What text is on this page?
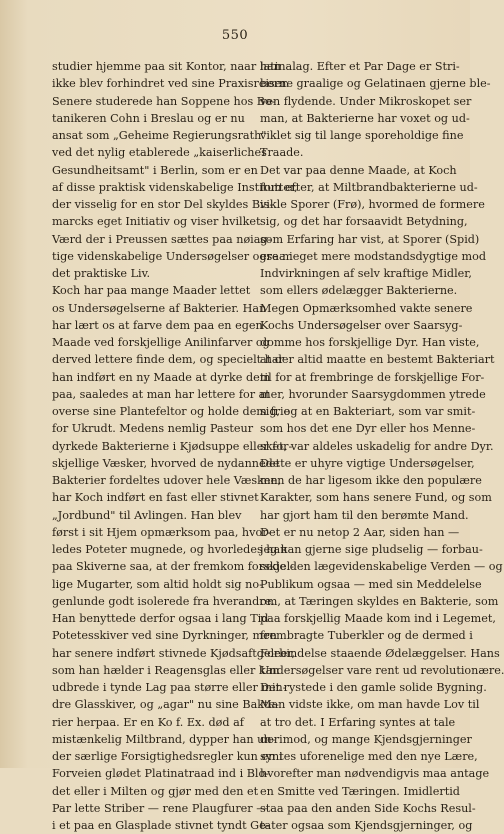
550
studier hjemme paa sit Kontor, naar han
ikke blev forhindret ved sine Praxisreiser.
Senere studerede han Soppene hos Bo-
tanikeren Cohn i Breslau og er nu
ansat som „Geheime Regierungsrath"
ved det nylig etablerede „kaiserliches
Gesundheitsamt" i Berlin, som er en
af disse praktisk videnskabelige Institutter,
der visselig for en stor Del skyldes Bis-
marcks eget Initiativ og viser hvilket
Værd der i Preussen sættes paa nøiag-
tige videnskabelige Undersøgelser ogsaa i
det praktiske Liv.
Koch har paa mange Maader lettet
os Undersøgelserne af Bakterier. Han
har lært os at farve dem paa en egen
Maade ved forskjellige Anilinfarver og
derved lettere finde dem, og specielt har
han indført en ny Maade at dyrke dem
paa, saaledes at man har lettere for at
overse sine Plantefeltor og holde dem frie
for Ukrudt. Medens nemlig Pasteur
dyrkede Bakterierne i Kjødsuppe eller for-
skjellige Væsker, hvorved de nydannede
Bakterier fordeltes udover hele Væsken,
har Koch indført en fast eller stivnet
„Jordbund" til Avlingen. Han blev
først i sit Hjem opmærksom paa, hvor-
ledes Poteter mugnede, og hvorledes han
paa Skiverne saa, at der fremkom forskjel-
lige Mugarter, som altid holdt sig no-
genlunde godt isolerede fra hverandre.
Han benyttede derfor ogsaa i lang Tid
Potetesskiver ved sine Dyrkninger, men
har senere indført stivnede Kjødsaftgeleer,
som han hælder i Reagensglas eller kan
udbrede i tynde Lag paa større eller min-
dre Glasskiver, og „agar" nu sine Bakte-
rier herpaa. Er en Ko f. Ex. død af
mistænkelig Miltbrand, dypper han un-
der særlige Forsigtighedsregler kun en i
Forveien glødet Platinatraad ind i Blo-
det eller i Milten og gjør med den et
Par lette Striber — rene Plaugfurer —
i et paa en Glasplade stivnet tyndt Ge-
latinalag. Efter et Par Dage er Stri-
berne graalige og Gelatinaen gjerne ble-
ven flydende. Under Mikroskopet ser
man, at Bakterierne har voxet og ud-
viklet sig til lange sporeholdige fine
Traade.
Det var paa denne Maade, at Koch
fom efter, at Miltbrandbakterierne ud-
vikle Sporer (Frø), hvormed de formere
sig, og det har forsaavidt Betydning,
som Erfaring har vist, at Sporer (Spid)
ere meget mere modstandsdygtige mod
Indvirkningen af selv kraftige Midler,
som ellers ødelægger Bakterierne.
Megen Opmærksomhed vakte senere
Kochs Undersøgelser over Saarsyg-
domme hos forskjellige Dyr. Han viste,
at der altid maatte en bestemt Bakteriart
til for at frembringe de forskjellige For-
mer, hvorunder Saarsygdommen ytrede
sig, og at en Bakteriart, som var smit-
som hos det ene Dyr eller hos Menne-
sket, var aldeles uskadelig for andre Dyr.
Dette er uhyre vigtige Undersøgelser,
men de har ligesom ikke den populære
Karakter, som hans senere Fund, og som
har gjort ham til den berømte Mand.
Det er nu netop 2 Aar, siden han —
jeg kan gjerne sige pludselig — forbau-
sede den lægevidenskabelige Verden — og
Publikum ogsaa — med sin Meddelelse
om, at Tæringen skyldes en Bakterie, som
paa forskjellig Maade kom ind i Legemet,
frembragte Tuberkler og de dermed i
Forbindelse staaende Ødelæggelser. Hans
Undersøgelser vare rent ud revolutionære.
Det rystede i den gamle solide Bygning.
Man vidste ikke, om man havde Lov til
at tro det. I Erfaring syntes at tale
derimod, og mange Kjendsgjerninger
syntes uforenelige med den nye Lære,
hvorefter man nødvendigvis maa antage
en Smitte ved Tæringen. Imidlertid
staa paa den anden Side Kochs Resul-
tater ogsaa som Kjendsgjerninger, og
